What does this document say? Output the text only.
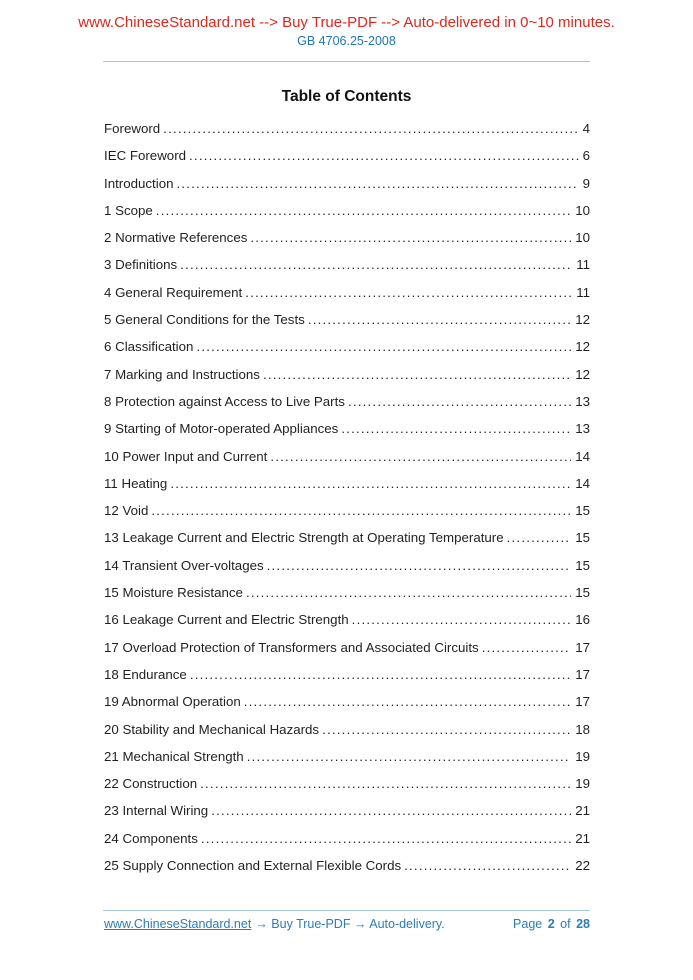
www.ChineseStandard.net --> Buy True-PDF --> Auto-delivered in 0~10 minutes.
GB 4706.25-2008
Table of Contents
Foreword .....	4
IEC Foreword .....	6
Introduction .....	9
1 Scope .....	10
2 Normative References .....	10
3 Definitions .....	11
4 General Requirement .....	11
5 General Conditions for the Tests .....	12
6 Classification .....	12
7 Marking and Instructions .....	12
8 Protection against Access to Live Parts .....	13
9 Starting of Motor-operated Appliances .....	13
10 Power Input and Current .....	14
11 Heating .....	14
12 Void .....	15
13 Leakage Current and Electric Strength at Operating Temperature .....	15
14 Transient Over-voltages .....	15
15 Moisture Resistance .....	15
16 Leakage Current and Electric Strength .....	16
17 Overload Protection of Transformers and Associated Circuits .....	17
18 Endurance .....	17
19 Abnormal Operation .....	17
20 Stability and Mechanical Hazards .....	18
21 Mechanical Strength .....	19
22 Construction .....	19
23 Internal Wiring .....	21
24 Components .....	21
25 Supply Connection and External Flexible Cords .....	22
www.ChineseStandard.net → Buy True-PDF → Auto-delivery.	Page 2 of 28
